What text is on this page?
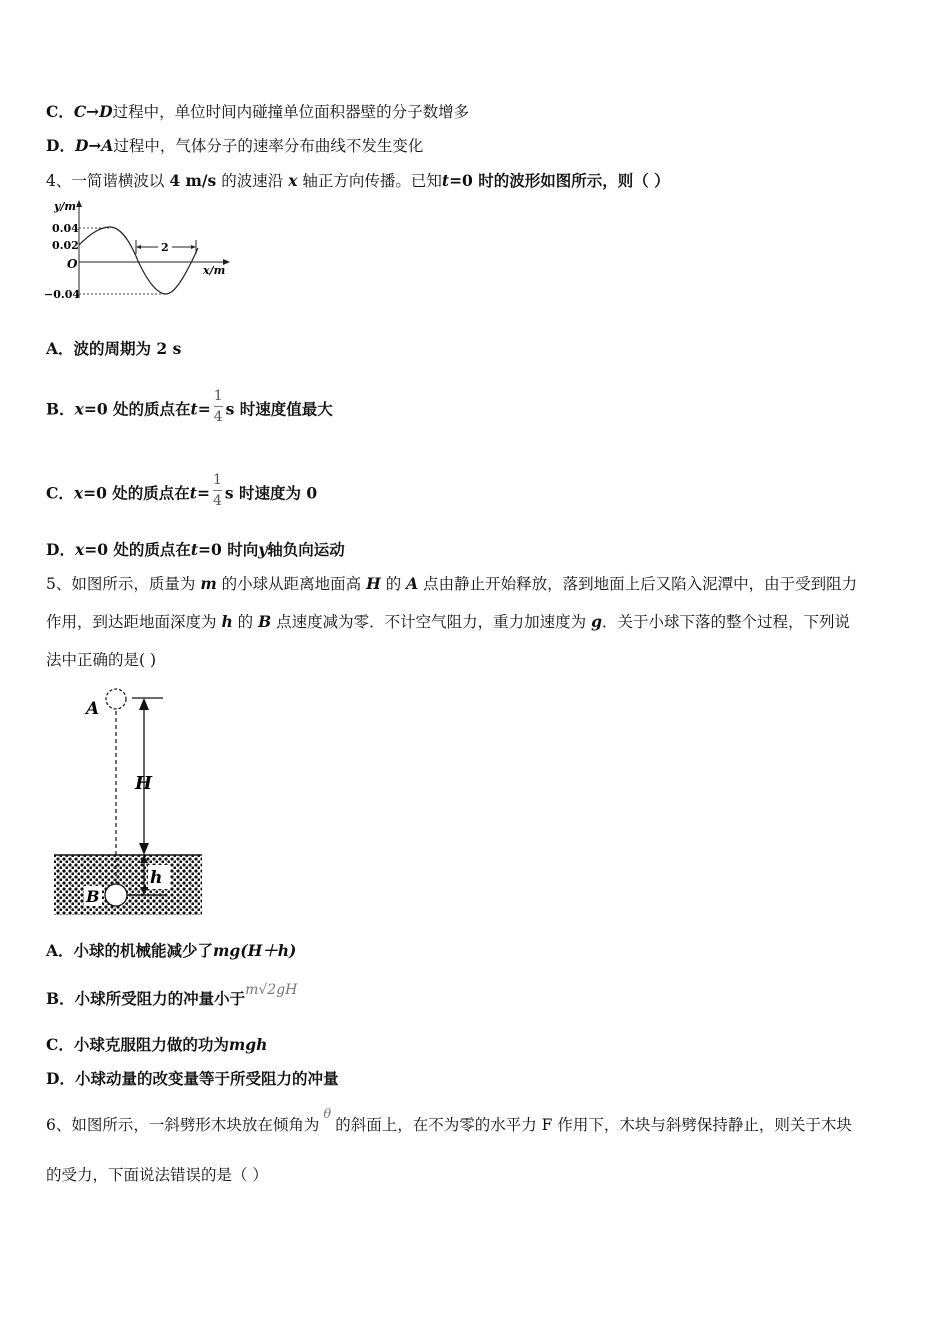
C．C→D过程中，单位时间内碰撞单位面积器壁的分子数增多
D．D→A过程中，气体分子的速率分布曲线不发生变化
4、一简谐横波以 4 m/s 的波速沿 x 轴正方向传播。已知t=0 时的波形如图所示，则（ ）
y/m
x/m
0.04
0.02
O
−0.04
2
A．波的周期为 2 s
B．x=0 处的质点在$t= \frac{1}{4}$ s 时速度值最大
C．x=0 处的质点在$t= \frac{1}{4}$ s 时速度为 0
D．x=0 处的质点在t=0 时向y轴负向运动
5、如图所示，质量为 m 的小球从距离地面高 H 的 A 点由静止开始释放，落到地面上后又陷入泥潭中，由于受到阻力
作用，到达距地面深度为 h 的 B 点速度减为零．不计空气阻力，重力加速度为 g．关于小球下落的整个过程，下列说
法中正确的是( )
A
H
h
B
A．小球的机械能减少了mg(H＋h)
B．小球所受阻力的冲量小于m√2gH
C．小球克服阻力做的功为mgh
D．小球动量的改变量等于所受阻力的冲量
6、如图所示，一斜劈形木块放在倾角为$^\theta$的斜面上，在不为零的水平力 F 作用下，木块与斜劈保持静止，则关于木块
的受力，下面说法错误的是（ ）
